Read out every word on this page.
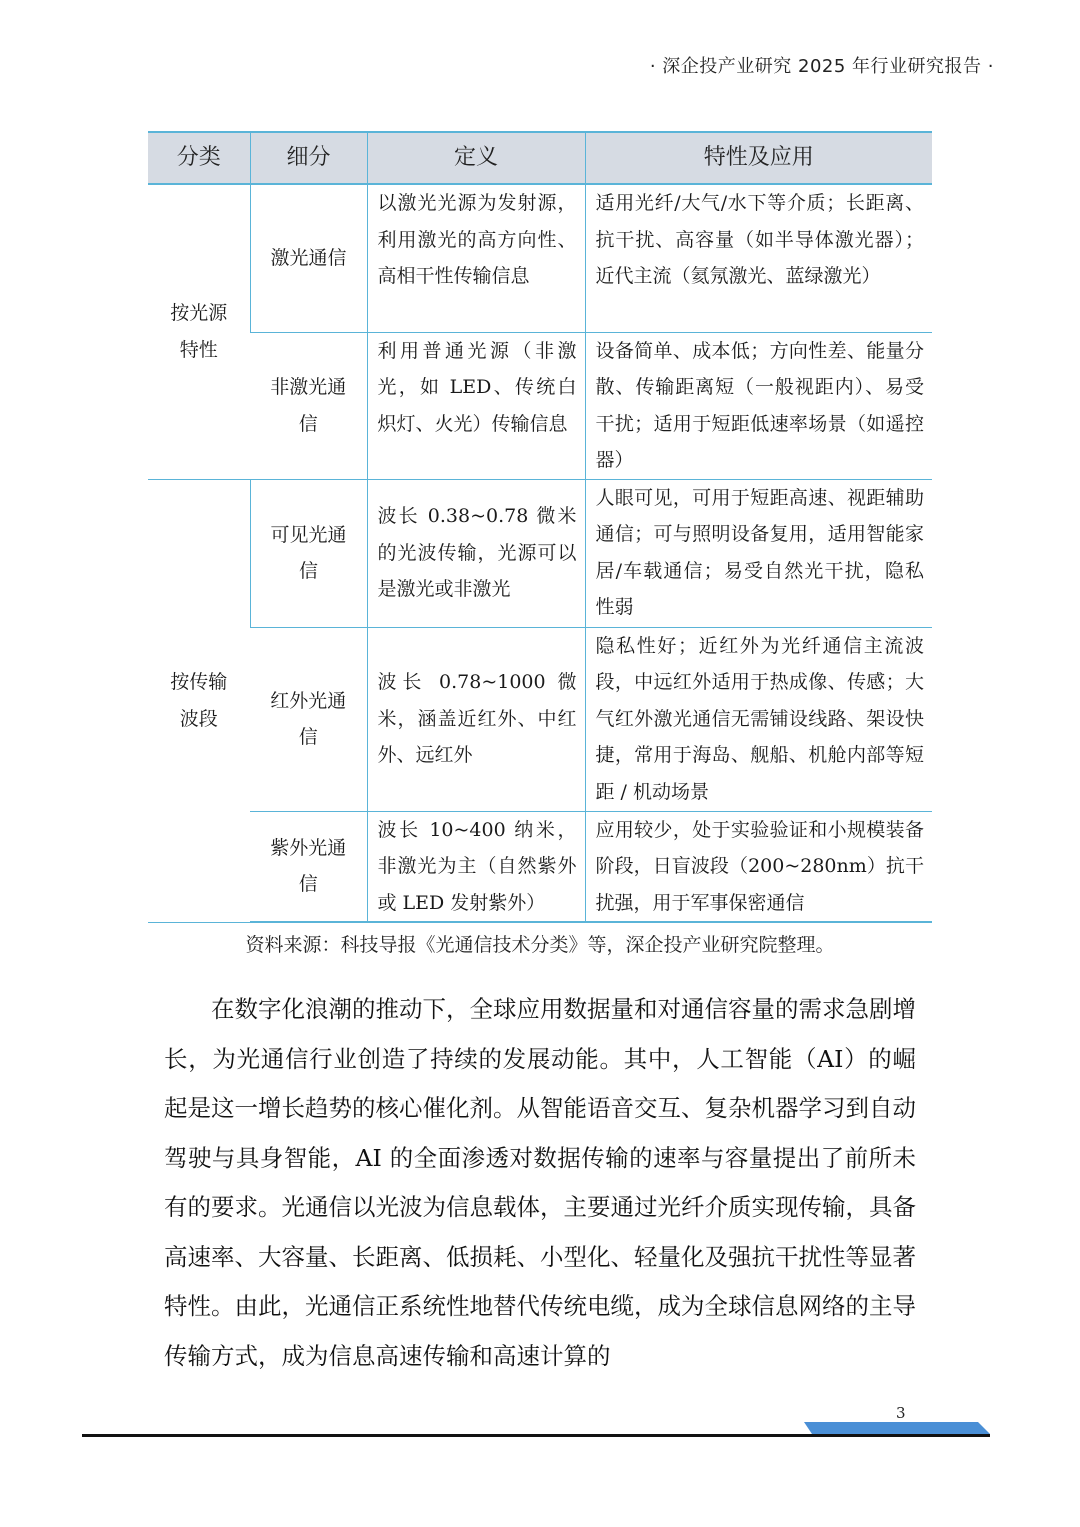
· 深企投产业研究 2025 年行业研究报告 ·
分类	细分	定义	特性及应用

按光源特性	激光通信	以激光光源为发射源，利用激光的高方向性、高相干性传输信息	适用光纤/大气/水下等介质；长距离、抗干扰、高容量（如半导体激光器）；近代主流（氦氖激光、蓝绿激光）

	非激光通信	利用普通光源（非激光，如 LED、传统白炽灯、火光）传输信息	设备简单、成本低；方向性差、能量分散、传输距离短（一般视距内）、易受干扰；适用于短距低速率场景（如遥控器）

按传输波段	可见光通信	波长 0.38~0.78 微米的光波传输，光源可以是激光或非激光	人眼可见，可用于短距高速、视距辅助通信；可与照明设备复用，适用智能家居/车载通信；易受自然光干扰，隐私性弱

	红外光通信	波长 0.78~1000 微米，涵盖近红外、中红外、远红外	隐私性好；近红外为光纤通信主流波段，中远红外适用于热成像、传感；大气红外激光通信无需铺设线路、架设快捷，常用于海岛、舰船、机舱内部等短距 / 机动场景

	紫外光通信	波长 10~400 纳米，非激光为主（自然紫外或 LED 发射紫外）	应用较少，处于实验验证和小规模装备阶段，日盲波段（200~280nm）抗干扰强，用于军事保密通信
资料来源：科技导报《光通信技术分类》等，深企投产业研究院整理。

在数字化浪潮的推动下，全球应用数据量和对通信容量的需求急剧增长，为光通信行业创造了持续的发展动能。其中，人工智能（AI）的崛起是这一增长趋势的核心催化剂。从智能语音交互、复杂机器学习到自动驾驶与具身智能，AI 的全面渗透对数据传输的速率与容量提出了前所未有的要求。光通信以光波为信息载体，主要通过光纤介质实现传输，具备高速率、大容量、长距离、低损耗、小型化、轻量化及强抗干扰性等显著特性。由此，光通信正系统性地替代传统电缆，成为全球信息网络的主导传输方式，成为信息高速传输和高速计算的

3
